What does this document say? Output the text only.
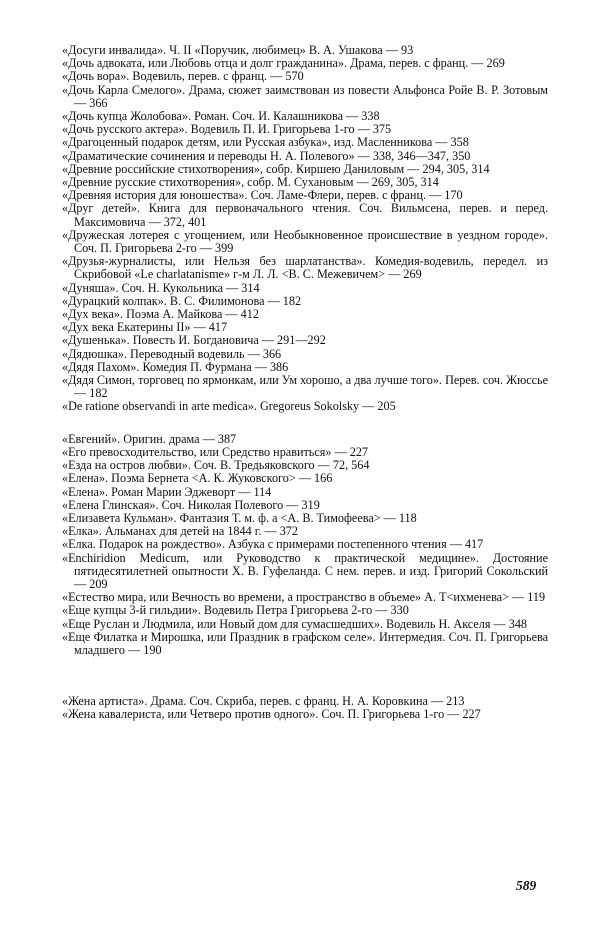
«Досуги инвалида». Ч. II «Поручик, любимец» В. А. Ушакова — 93

«Дочь адвоката, или Любовь отца и долг гражданина». Драма, перев. с франц. — 269

«Дочь вора». Водевиль, перев. с франц. — 570

«Дочь Карла Смелого». Драма, сюжет заимствован из повести Альфонса Ройе В. Р. Зотовым — 366

«Дочь купца Жолобова». Роман. Соч. И. Калашникова — 338

«Дочь русского актера». Водевиль П. И. Григорьева 1-го — 375

«Драгоценный подарок детям, или Русская азбука», изд. Масленникова — 358

«Драматические сочинения и переводы Н. А. Полевого» — 338, 346—347, 350

«Древние российские стихотворения», собр. Киршею Даниловым — 294, 305, 314

«Древние русские стихотворения», собр. М. Сухановым — 269, 305, 314

«Древняя история для юношества». Соч. Ламе-Флери, перев. с франц. — 170

«Друг детей». Книга для первоначального чтения. Соч. Вильмсена, перев. и перед. Максимовича — 372, 401

«Дружеская лотерея с угощением, или Необыкновенное происшествие в уездном городе». Соч. П. Григорьева 2-го — 399

«Друзья-журналисты, или Нельзя без шарлатанства». Комедия-водевиль, передел. из Скрибовой «Le charlatanisme» г-м Л. Л. <В. С. Межевичем> — 269

«Дуняша». Соч. Н. Кукольника — 314

«Дурацкий колпак». В. С. Филимонова — 182

«Дух века». Поэма А. Майкова — 412

«Дух века Екатерины II» — 417

«Душенька». Повесть И. Богдановича — 291—292

«Дядюшка». Переводный водевиль — 366

«Дядя Пахом». Комедия П. Фурмана — 386

«Дядя Симон, торговец по ярмонкам, или Ум хорошо, а два лучше того». Перев. соч. Жюссье — 182

«De ratione observandi in arte medica». Gregoreus Sokolsky — 205

«Евгений». Оригин. драма — 387

«Его превосходительство, или Средство нравиться» — 227

«Езда на остров любви». Соч. В. Тредьяковского — 72, 564

«Елена». Поэма Бернета <А. К. Жуковского> — 166

«Елена». Роман Марии Эджеворт — 114

«Елена Глинская». Соч. Николая Полевого — 319

«Елизавета Кульман». Фантазия Т. м. ф. а <А. В. Тимофеева> — 118

«Елка». Альманах для детей на 1844 г. — 372

«Елка. Подарок на рождество». Азбука с примерами постепенного чтения — 417

«Enchiridion Medicum, или Руководство к практической медицине». Достояние пятидесятилетней опытности Х. В. Гуфеланда. С нем. перев. и изд. Григорий Сокольский — 209

«Естество мира, или Вечность во времени, а пространство в объеме» А. Т<ихменева> — 119

«Еще купцы 3-й гильдии». Водевиль Петра Григорьева 2-го — 330

«Еще Руслан и Людмила, или Новый дом для сумасшедших». Водевиль Н. Акселя — 348

«Еще Филатка и Мирошка, или Праздник в графском селе». Интермедия. Соч. П. Григорьева младшего — 190

«Жена артиста». Драма. Соч. Скриба, перев. с франц. Н. А. Коровкина — 213

«Жена кавалериста, или Четверо против одного». Соч. П. Григорьева 1-го — 227

589
